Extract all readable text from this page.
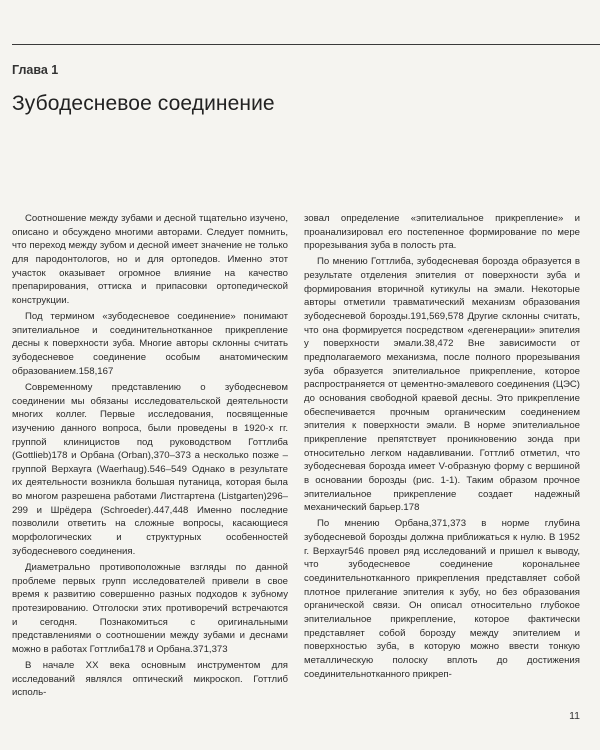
Глава 1
Зубодесневое соединение

Соотношение между зубами и десной тщательно изучено, описано и обсуждено многими авторами. Следует помнить, что переход между зубом и десной имеет значение не только для пародонтологов, но и для ортопедов. Именно этот участок оказывает огромное влияние на качество препарирования, оттиска и припасовки ортопедической конструкции.

Под термином «зубодесневое соединение» понимают эпителиальное и соединительнотканное прикрепление десны к поверхности зуба. Многие авторы склонны считать зубодесневое соединение особым анатомическим образованием.158,167

Современному представлению о зубодесневом соединении мы обязаны исследовательской деятельности многих коллег. Первые исследования, посвященные изучению данного вопроса, были проведены в 1920-х гг. группой клиницистов под руководством Готтлиба (Gottlieb)178 и Орбана (Orban),370–373 а несколько позже – группой Верхауга (Waerhaug).546–549 Однако в результате их деятельности возникла большая путаница, которая была во многом разрешена работами Листгартена (Listgarten)296–299 и Шрёдера (Schroeder).447,448 Именно последние позволили ответить на сложные вопросы, касающиеся морфологических и структурных особенностей зубодесневого соединения.

Диаметрально противоположные взгляды по данной проблеме первых групп исследователей привели в свое время к развитию совершенно разных подходов к зубному протезированию. Отголоски этих противоречий встречаются и сегодня. Познакомиться с оригинальными представлениями о соотношении между зубами и деснами можно в работах Готтлиба178 и Орбана.371,373

В начале XX века основным инструментом для исследований являлся оптический микроскоп. Готтлиб исполь-

зовал определение «эпителиальное прикрепление» и проанализировал его постепенное формирование по мере прорезывания зуба в полость рта.

По мнению Готтлиба, зубодесневая борозда образуется в результате отделения эпителия от поверхности зуба и формирования вторичной кутикулы на эмали. Некоторые авторы отметили травматический механизм образования зубодесневой борозды.191,569,578 Другие склонны считать, что она формируется посредством «дегенерации» эпителия у поверхности эмали.38,472 Вне зависимости от предполагаемого механизма, после полного прорезывания зуба образуется эпителиальное прикрепление, которое распространяется от цементно-эмалевого соединения (ЦЭС) до основания свободной краевой десны. Это прикрепление обеспечивается прочным органическим соединением эпителия к поверхности эмали. В норме эпителиальное прикрепление препятствует проникновению зонда при относительно легком надавливании. Готтлиб отметил, что зубодесневая борозда имеет V-образную форму с вершиной в основании борозды (рис. 1-1). Таким образом прочное эпителиальное прикрепление создает надежный механический барьер.178

По мнению Орбана,371,373 в норме глубина зубодесневой борозды должна приближаться к нулю. В 1952 г. Верхауг546 провел ряд исследований и пришел к выводу, что зубодесневое соединение корональнее соединительнотканного прикрепления представляет собой плотное прилегание эпителия к зубу, но без образования органической связи. Он описал относительно глубокое эпителиальное прикрепление, которое фактически представляет собой борозду между эпителием и поверхностью зуба, в которую можно ввести тонкую металлическую полоску вплоть до достижения соединительнотканного прикреп-

11
